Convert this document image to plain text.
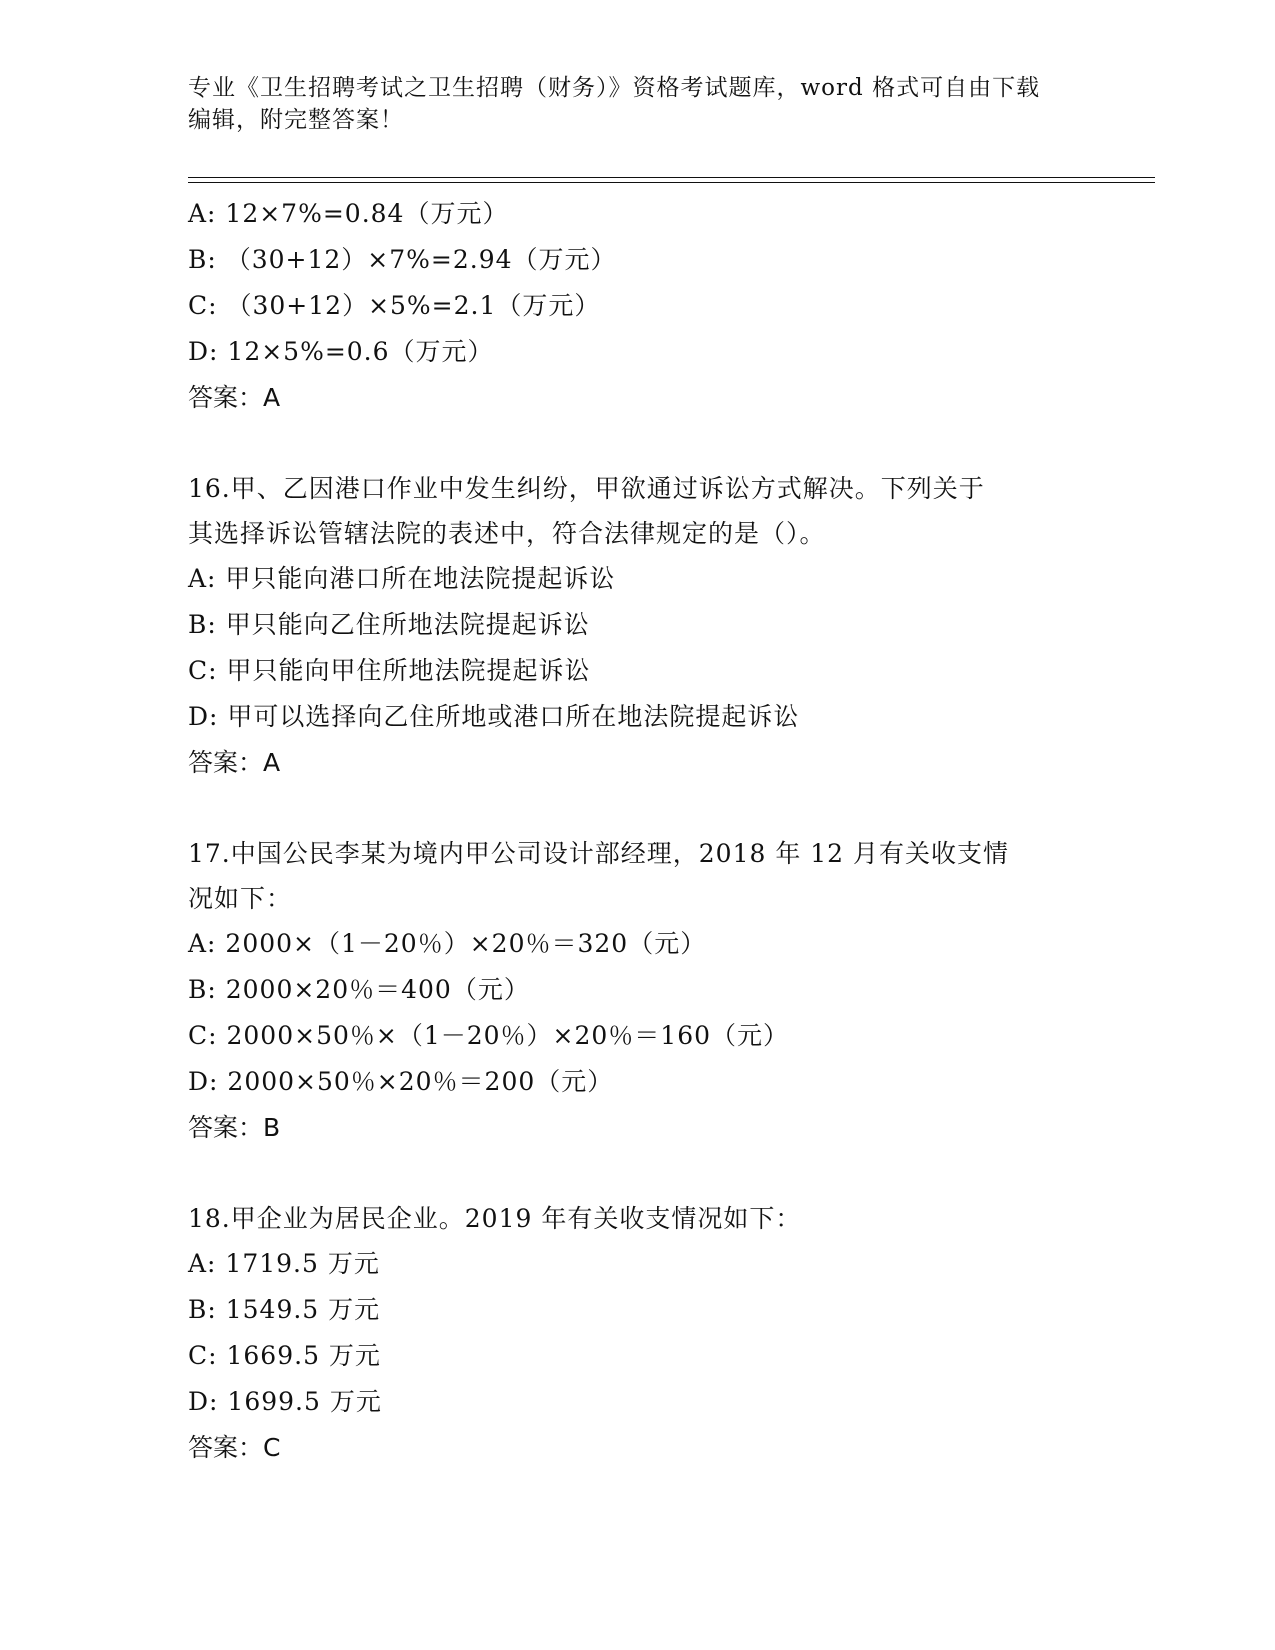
专业《卫生招聘考试之卫生招聘（财务）》资格考试题库，word 格式可自由下载
编辑，附完整答案！
A: 12×7%=0.84（万元）
B: （30+12）×7%=2.94（万元）
C: （30+12）×5%=2.1（万元）
D: 12×5%=0.6（万元）
答案：A
16.甲、乙因港口作业中发生纠纷，甲欲通过诉讼方式解决。下列关于
其选择诉讼管辖法院的表述中，符合法律规定的是（）。
A: 甲只能向港口所在地法院提起诉讼
B: 甲只能向乙住所地法院提起诉讼
C: 甲只能向甲住所地法院提起诉讼
D: 甲可以选择向乙住所地或港口所在地法院提起诉讼
答案：A
17.中国公民李某为境内甲公司设计部经理，2018 年 12 月有关收支情
况如下：
A: 2000×（1－20％）×20％＝320（元）
B: 2000×20％＝400（元）
C: 2000×50％×（1－20％）×20％＝160（元）
D: 2000×50％×20％＝200（元）
答案：B
18.甲企业为居民企业。2019 年有关收支情况如下：
A: 1719.5 万元
B: 1549.5 万元
C: 1669.5 万元
D: 1699.5 万元
答案：C
